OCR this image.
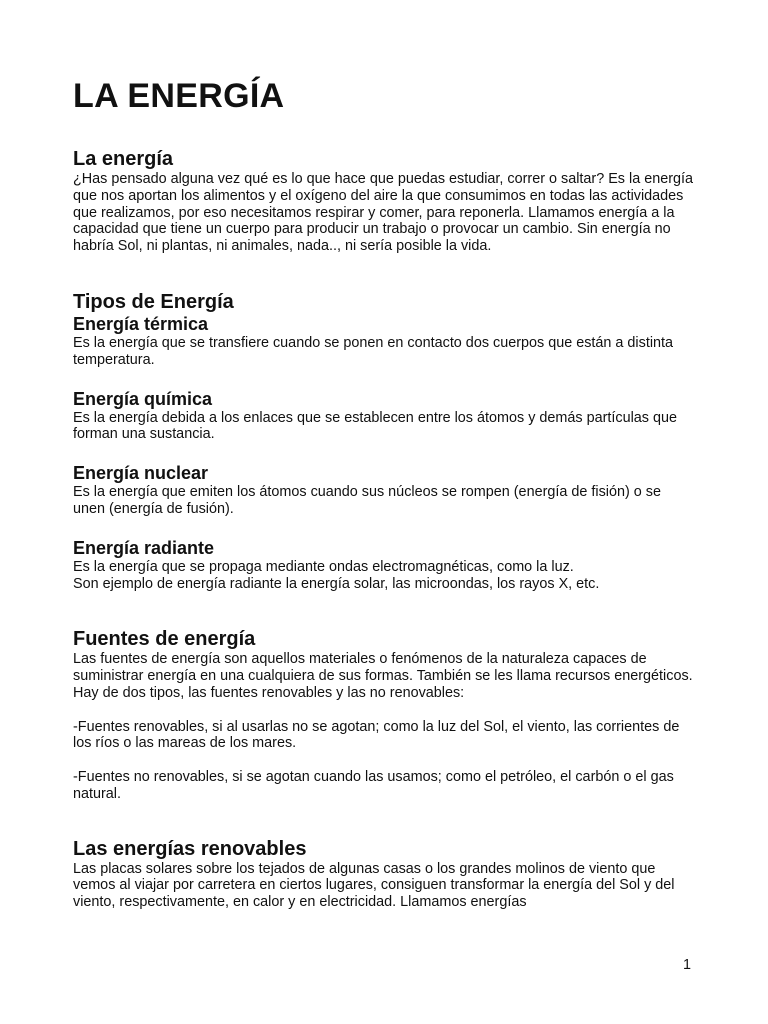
LA ENERGÍA
La energía

¿Has pensado alguna vez qué es lo que hace que puedas estudiar, correr o saltar? Es la energía que nos aportan los alimentos y el oxígeno del aire la que consumimos en todas las actividades que realizamos, por eso necesitamos respirar y comer, para reponerla. Llamamos energía a la capacidad que tiene un cuerpo para producir un trabajo o provocar un cambio. Sin energía no habría Sol, ni plantas, ni animales, nada.., ni sería posible la vida.

Tipos de Energía
Energía térmica

Es la energía que se transfiere cuando se ponen en contacto dos cuerpos que están a distinta temperatura.

Energía química

Es la energía debida a los enlaces que se establecen entre los átomos y demás partículas que forman una sustancia.

Energía nuclear

Es la energía que emiten los átomos cuando sus núcleos se rompen (energía de fisión) o se unen (energía de fusión).

Energía radiante

Es la energía que se propaga mediante ondas electromagnéticas, como la luz.
Son ejemplo de energía radiante la energía solar, las microondas, los rayos X, etc.

Fuentes de energía

Las fuentes de energía son aquellos materiales o fenómenos de la naturaleza capaces de suministrar energía en una cualquiera de sus formas. También se les llama recursos energéticos.
Hay de dos tipos, las fuentes renovables y las no renovables:

-Fuentes renovables, si al usarlas no se agotan; como la luz del Sol, el viento, las corrientes de los ríos o las mareas de los mares.

-Fuentes no renovables, si se agotan cuando las usamos; como el petróleo, el carbón o el gas natural.

Las energías renovables

Las placas solares sobre los tejados de algunas casas o los grandes molinos de viento que vemos al viajar por carretera en ciertos lugares, consiguen transformar la energía del Sol y del viento, respectivamente, en calor y en electricidad. Llamamos energías

1
